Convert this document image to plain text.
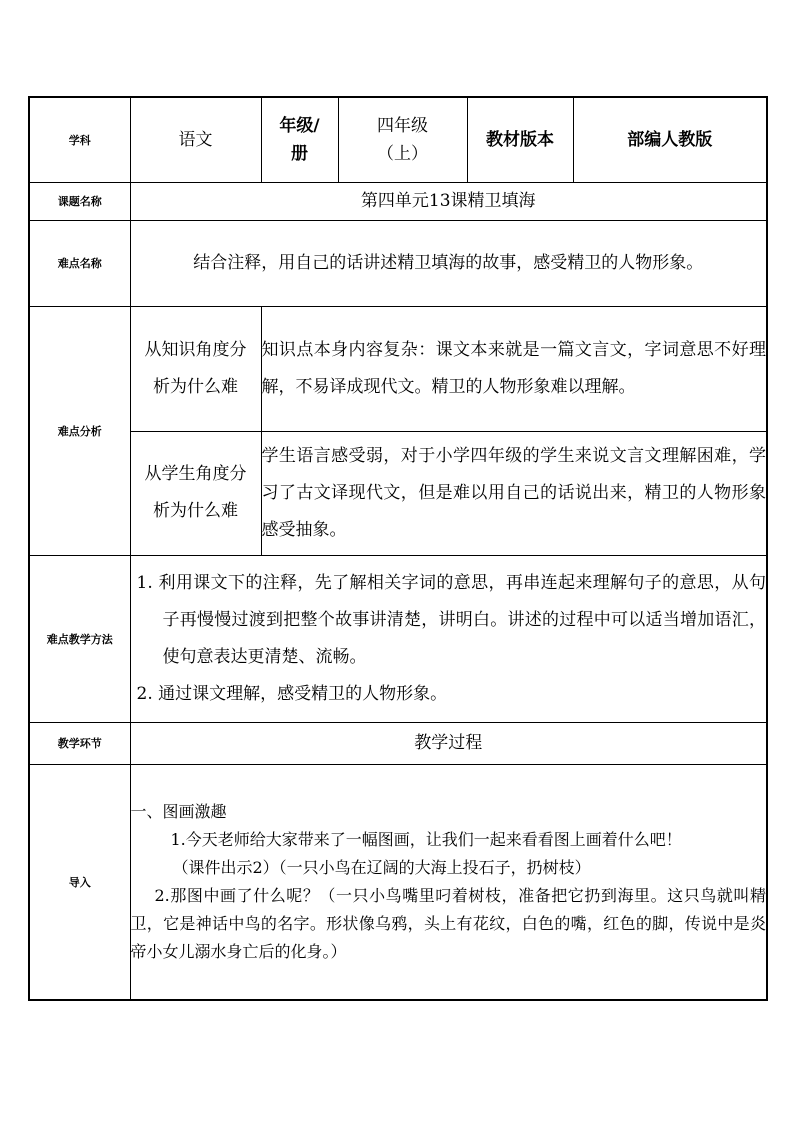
学科	语文	年级/册	四年级（上）	教材版本	部编人教版
课题名称	第四单元13课精卫填海				
难点名称	结合注释，用自己的话讲述精卫填海的故事，感受精卫的人物形象。				
难点分析	从知识角度分析为什么难	知识点本身内容复杂：课文本来就是一篇文言文，字词意思不好理解，不易译成现代文。精卫的人物形象难以理解。			
	从学生角度分析为什么难	学生语言感受弱，对于小学四年级的学生来说文言文理解困难，学习了古文译现代文，但是难以用自己的话说出来，精卫的人物形象感受抽象。			
难点教学方法	1. 利用课文下的注释，先了解相关字词的意思，再串连起来理解句子的意思，从句子再慢慢过渡到把整个故事讲清楚，讲明白。讲述的过程中可以适当增加语汇，使句意表达更清楚、流畅。
2. 通过课文理解，感受精卫的人物形象。				

教学环节	教学过程				
导入	一、图画激趣
1.今天老师给大家带来了一幅图画，让我们一起来看看图上画着什么吧！
（课件出示2）（一只小鸟在辽阔的大海上投石子，扔树枝）
2.那图中画了什么呢？（一只小鸟嘴里叼着树枝，准备把它扔到海里。这只鸟就叫精卫，它是神话中鸟的名字。形状像乌鸦，头上有花纹，白色的嘴，红色的脚，传说中是炎帝小女儿溺水身亡后的化身。）				
